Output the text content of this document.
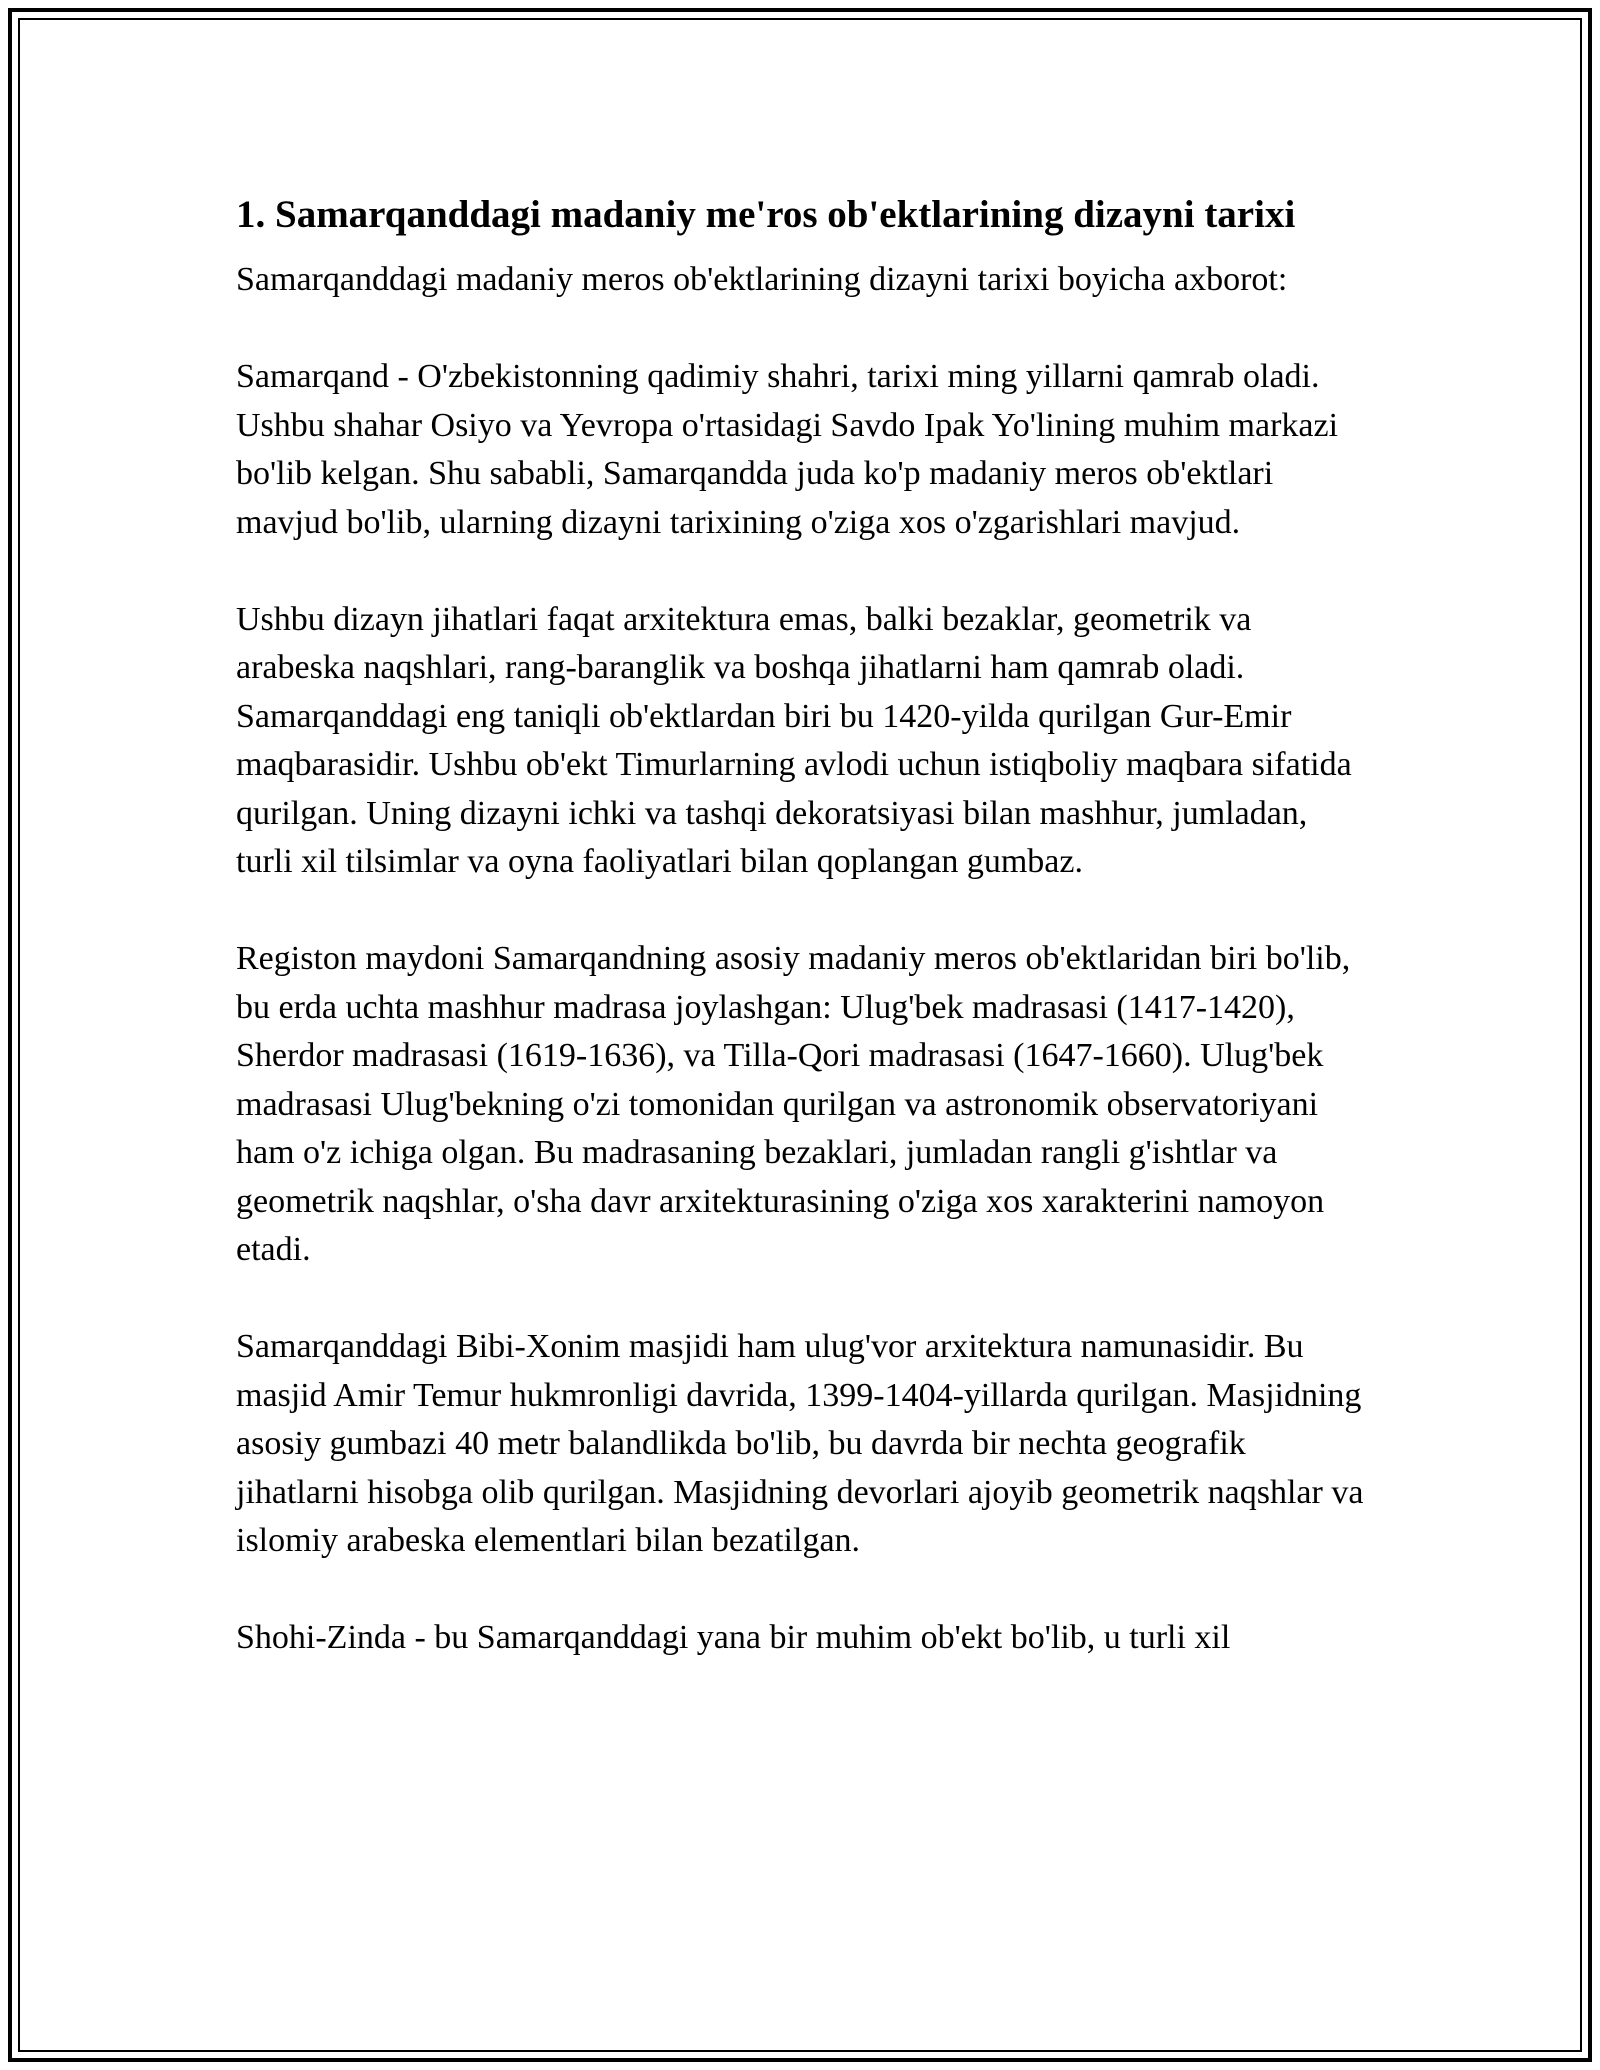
1. Samarqanddagi madaniy me'ros ob'ektlarining dizayni tarixi

Samarqanddagi madaniy meros ob'ektlarining dizayni tarixi boyicha axborot:

Samarqand - O'zbekistonning qadimiy shahri, tarixi ming yillarni qamrab oladi. Ushbu shahar Osiyo va Yevropa o'rtasidagi Savdo Ipak Yo'lining muhim markazi bo'lib kelgan. Shu sababli, Samarqandda juda ko'p madaniy meros ob'ektlari mavjud bo'lib, ularning dizayni tarixining o'ziga xos o'zgarishlari mavjud.

Ushbu dizayn jihatlari faqat arxitektura emas, balki bezaklar, geometrik va arabeska naqshlari, rang-baranglik va boshqa jihatlarni ham qamrab oladi. Samarqanddagi eng taniqli ob'ektlardan biri bu 1420-yilda qurilgan Gur-Emir maqbarasidir. Ushbu ob'ekt Timurlarning avlodi uchun istiqboliy maqbara sifatida qurilgan. Uning dizayni ichki va tashqi dekoratsiyasi bilan mashhur, jumladan, turli xil tilsimlar va oyna faoliyatlari bilan qoplangan gumbaz.

Registon maydoni Samarqandning asosiy madaniy meros ob'ektlaridan biri bo'lib, bu erda uchta mashhur madrasa joylashgan: Ulug'bek madrasasi (1417-1420), Sherdor madrasasi (1619-1636), va Tilla-Qori madrasasi (1647-1660). Ulug'bek madrasasi Ulug'bekning o'zi tomonidan qurilgan va astronomik observatoriyani ham o'z ichiga olgan. Bu madrasaning bezaklari, jumladan rangli g'ishtlar va geometrik naqshlar, o'sha davr arxitekturasining o'ziga xos xarakterini namoyon etadi.

Samarqanddagi Bibi-Xonim masjidi ham ulug'vor arxitektura namunasidir. Bu masjid Amir Temur hukmronligi davrida, 1399-1404-yillarda qurilgan. Masjidning asosiy gumbazi 40 metr balandlikda bo'lib, bu davrda bir nechta geografik jihatlarni hisobga olib qurilgan. Masjidning devorlari ajoyib geometrik naqshlar va islomiy arabeska elementlari bilan bezatilgan.

Shohi-Zinda - bu Samarqanddagi yana bir muhim ob'ekt bo'lib, u turli xil
